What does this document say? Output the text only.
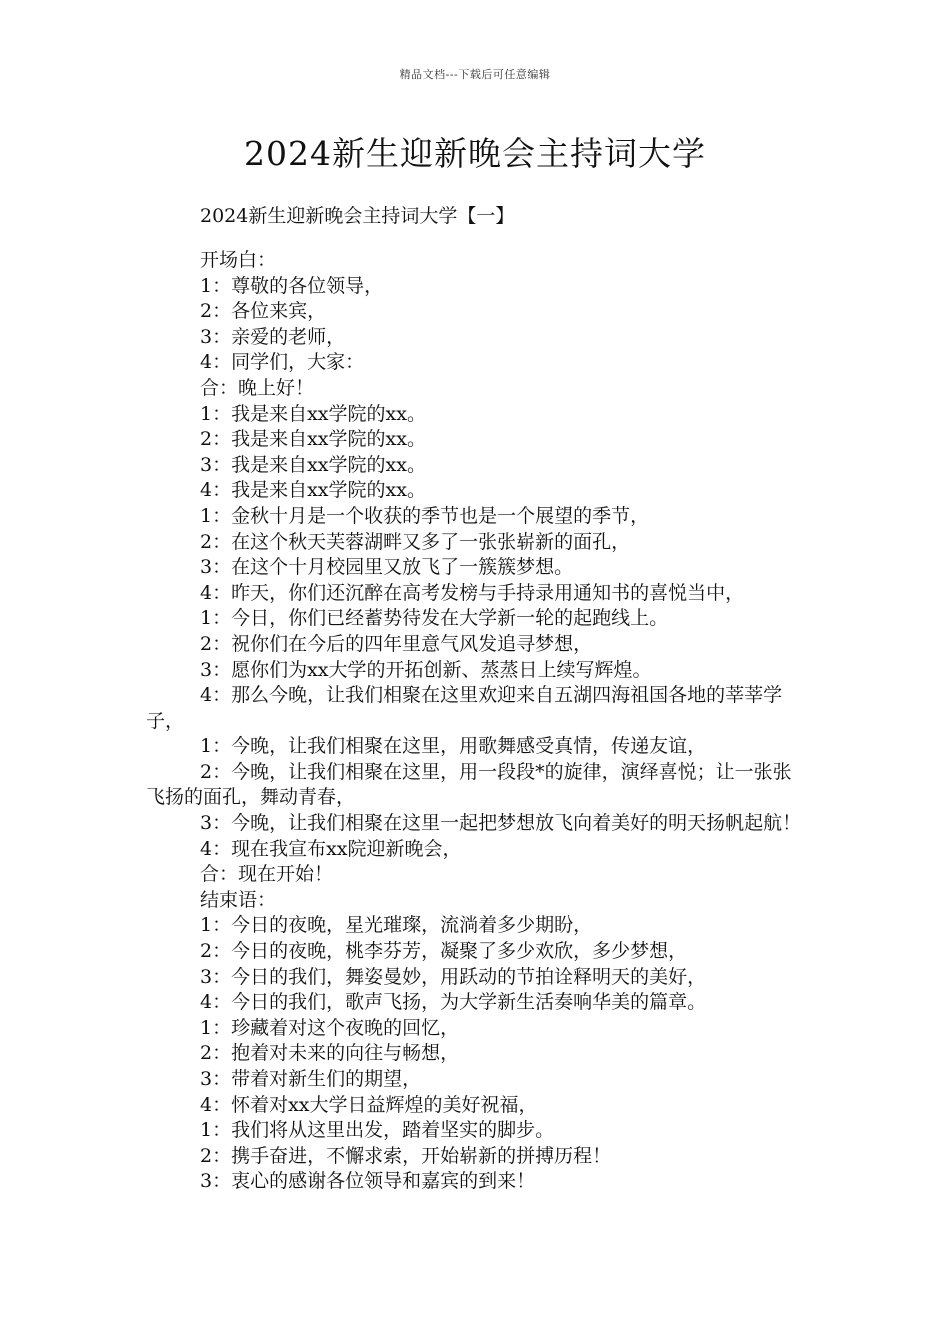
精品文档---下载后可任意编辑
2024新生迎新晚会主持词大学
2024新生迎新晚会主持词大学【一】

开场白：

1：尊敬的各位领导，

2：各位来宾，

3：亲爱的老师，

4：同学们，大家：

合：晚上好！

1：我是来自xx学院的xx。

2：我是来自xx学院的xx。

3：我是来自xx学院的xx。

4：我是来自xx学院的xx。

1：金秋十月是一个收获的季节也是一个展望的季节，

2：在这个秋天芙蓉湖畔又多了一张张崭新的面孔，

3：在这个十月校园里又放飞了一簇簇梦想。

4：昨天，你们还沉醉在高考发榜与手持录用通知书的喜悦当中，

1：今日，你们已经蓄势待发在大学新一轮的起跑线上。

2：祝你们在今后的四年里意气风发追寻梦想，

3：愿你们为xx大学的开拓创新、蒸蒸日上续写辉煌。

4：那么今晚，让我们相聚在这里欢迎来自五湖四海祖国各地的莘莘学子，

1：今晚，让我们相聚在这里，用歌舞感受真情，传递友谊，

2：今晚，让我们相聚在这里，用一段段*的旋律，演绎喜悦；让一张张飞扬的面孔，舞动青春，

3：今晚，让我们相聚在这里一起把梦想放飞向着美好的明天扬帆起航！

4：现在我宣布xx院迎新晚会，

合：现在开始！

结束语：

1：今日的夜晚，星光璀璨，流淌着多少期盼，

2：今日的夜晚，桃李芬芳，凝聚了多少欢欣，多少梦想，

3：今日的我们，舞姿曼妙，用跃动的节拍诠释明天的美好，

4：今日的我们，歌声飞扬，为大学新生活奏响华美的篇章。

1：珍藏着对这个夜晚的回忆，

2：抱着对未来的向往与畅想，

3：带着对新生们的期望，

4：怀着对xx大学日益辉煌的美好祝福，

1：我们将从这里出发，踏着坚实的脚步。

2：携手奋进，不懈求索，开始崭新的拼搏历程！

3：衷心的感谢各位领导和嘉宾的到来！
